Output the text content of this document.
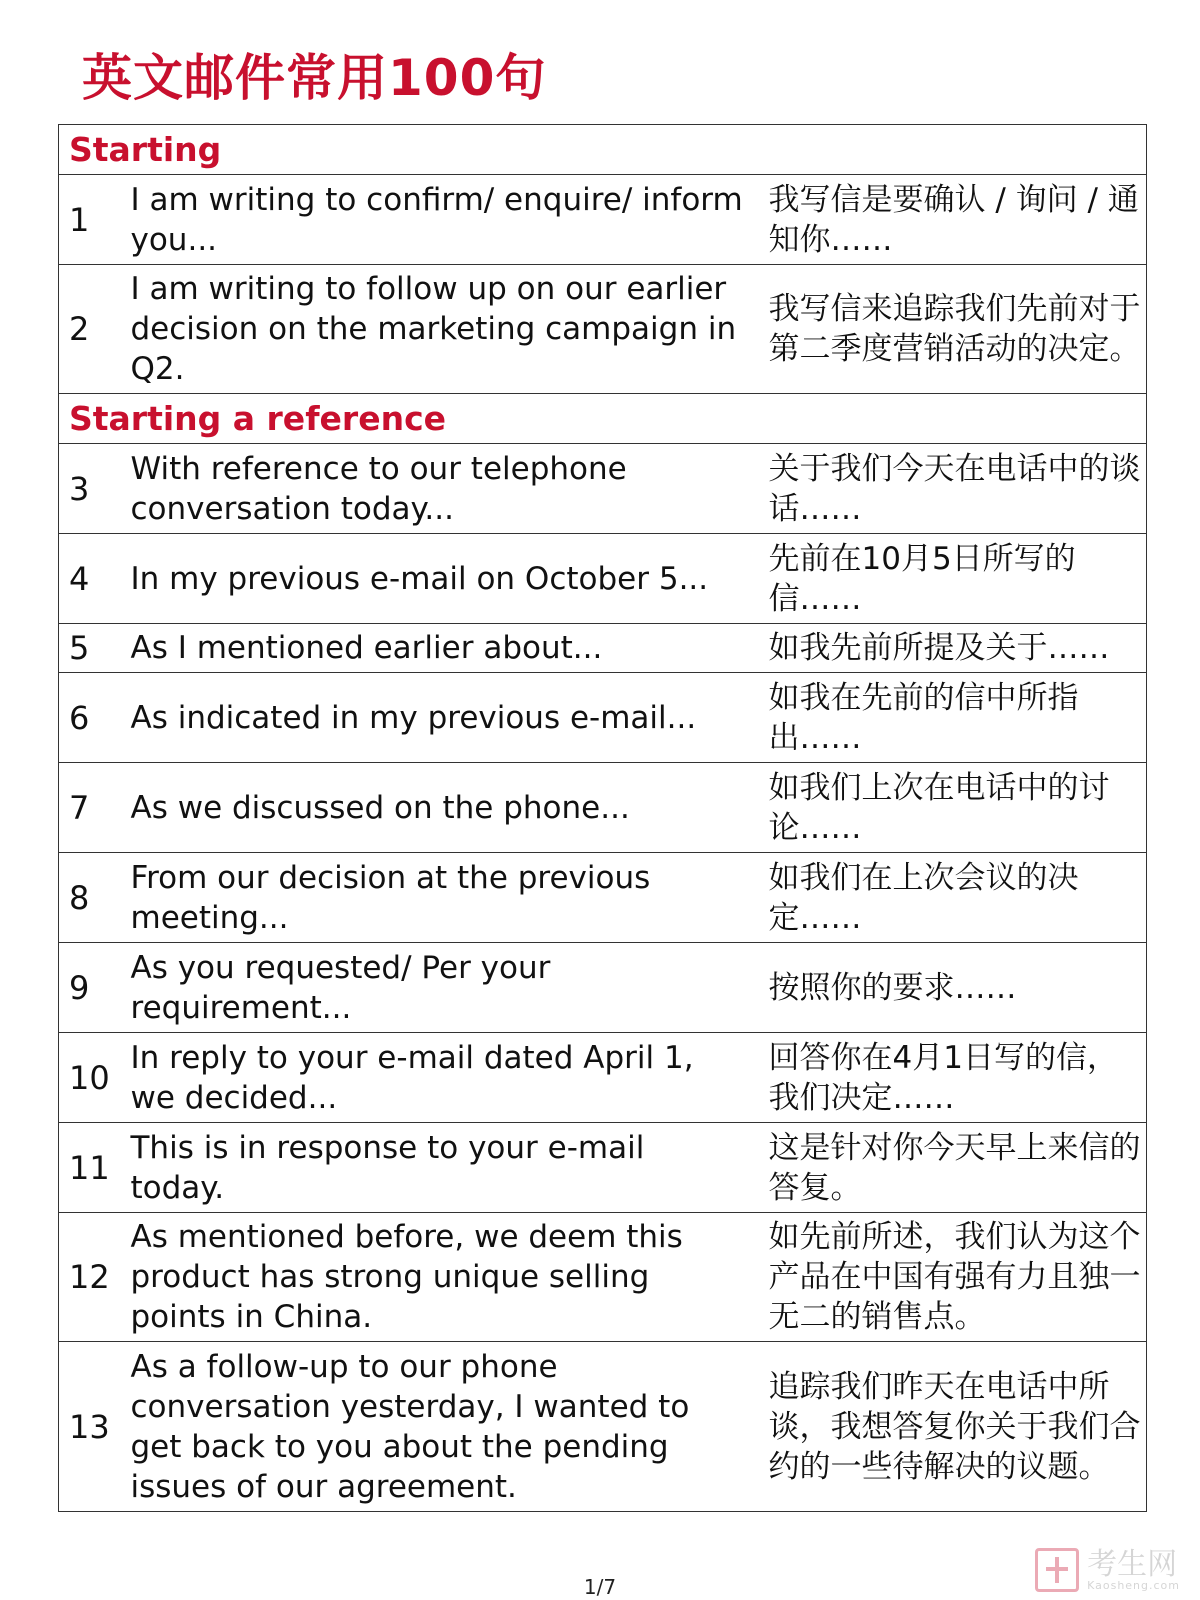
英文邮件常用100句
Starting		
1	I am writing to confirm/ enquire/ inform you...	我写信是要确认 / 询问 / 通知你……
2	I am writing to follow up on our earlier decision on the marketing campaign in Q2.	我写信来追踪我们先前对于第二季度营销活动的决定。
Starting a reference		
3	With reference to our telephone conversation today...	关于我们今天在电话中的谈话……
4	In my previous e-mail on October 5...	先前在10月5日所写的信……
5	As I mentioned earlier about...	如我先前所提及关于……
6	As indicated in my previous e-mail...	如我在先前的信中所指出……
7	As we discussed on the phone...	如我们上次在电话中的讨论……
8	From our decision at the previous meeting...	如我们在上次会议的决定……
9	As you requested/ Per your requirement...	按照你的要求……
10	In reply to your e-mail dated April 1, we decided...	回答你在4月1日写的信，我们决定……
11	This is in response to your e-mail today.	这是针对你今天早上来信的答复。
12	As mentioned before, we deem this product has strong unique selling points in China.	如先前所述，我们认为这个产品在中国有强有力且独一无二的销售点。
13	As a follow-up to our phone conversation yesterday, I wanted to get back to you about the pending issues of our agreement.	追踪我们昨天在电话中所谈，我想答复你关于我们合约的一些待解决的议题。
1/7
考生网
Kaosheng.com
